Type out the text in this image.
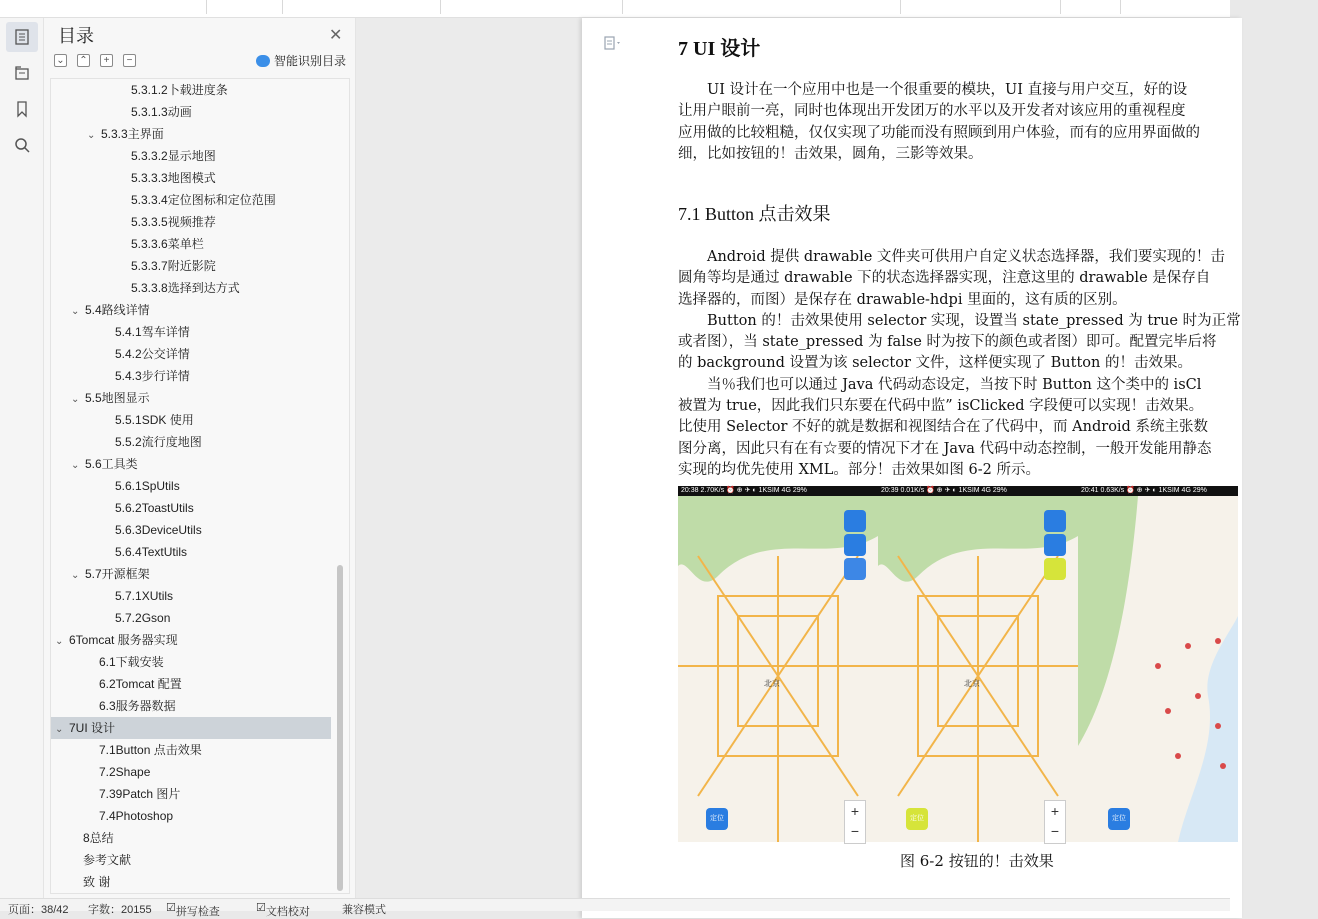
目录	✕
⌄ ⌃	+	−	智能识别目录
5.3.1.2卜载进度条
5.3.1.3动画
⌄ 5.3.3主界面
5.3.3.2显示地图
5.3.3.3地图模式
5.3.3.4定位图标和定位范围
5.3.3.5视频推荐
5.3.3.6菜单栏
5.3.3.7附近影院
5.3.3.8选择到达方式
⌄ 5.4路线详情
5.4.1驾车详情
5.4.2公交详情
5.4.3步行详情
⌄ 5.5地图显示
5.5.1SDK 使用
5.5.2流行度地图
⌄ 5.6工具类
5.6.1SpUtils
5.6.2ToastUtils
5.6.3DeviceUtils
5.6.4TextUtils
⌄ 5.7开源框架
5.7.1XUtils
5.7.2Gson
⌄ 6Tomcat 服务器实现
6.1下载安装
6.2Tomcat 配置
6.3服务器数据
⌄ 7UI 设计
7.1Button 点击效果
7.2Shape
7.39Patch 图片
7.4Photoshop
8总结
参考文献
致 谢
7 UI 设计

UI 设计在一个应用中也是一个很重要的模块，UI 直接与用户交互，好的设

让用户眼前一亮，同时也体现出开发团万的水平以及开发者对该应用的重视程度

应用做的比较粗糙，仅仅实现了功能而没有照顾到用户体验，而有的应用界面做的

细，比如按钮的！击效果，圆角，三影等效果。

7.1 Button 点击效果

Android 提供 drawable 文件夹可供用户自定义状态选择器，我们要实现的！击

圆角等均是通过 drawable 下的状态选择器实现，注意这里的 drawable 是保存自

选择器的，而图）是保存在 drawable-hdpi 里面的，这有质的区别。

Button 的！击效果使用 selector 实现，设置当 state_pressed 为 true 时为正常

或者图），当 state_pressed 为 false 时为按下的颜色或者图）即可。配置完毕后将

的 background 设置为该 selector 文件，这样便实现了 Button 的！击效果。

当％我们也可以通过 Java 代码动态设定，当按下时 Button 这个类中的 isCl

被置为 true，因此我们只东要在代码中监” isClicked 字段便可以实现！击效果。

比使用 Selector 不好的就是数据和视图结合在了代码中，而 Android 系统主张数

图分离，因此只有在有☆要的情况下才在 Java 代码中动态控制，一般开发能用静态

实现的均优先使用 XML。部分！击效果如图 6-2 所示。

20:38 2.70K/s ⏰ ⊕ ✈ ◐ 1KSIM 4G 29%
北京
+
−
定位
20:39 0.01K/s ⏰ ⊕ ✈ ◐ 1KSIM 4G 29%
北京
+
−
定位
20:41 0.63K/s ⏰ ⊕ ✈ ◐ 1KSIM 4G 29%
定位
图 6-2 按钮的！击效果
页面：38/42 字数：20155 ☑ 拼写检查	☑ 文档校对	兼容模式
